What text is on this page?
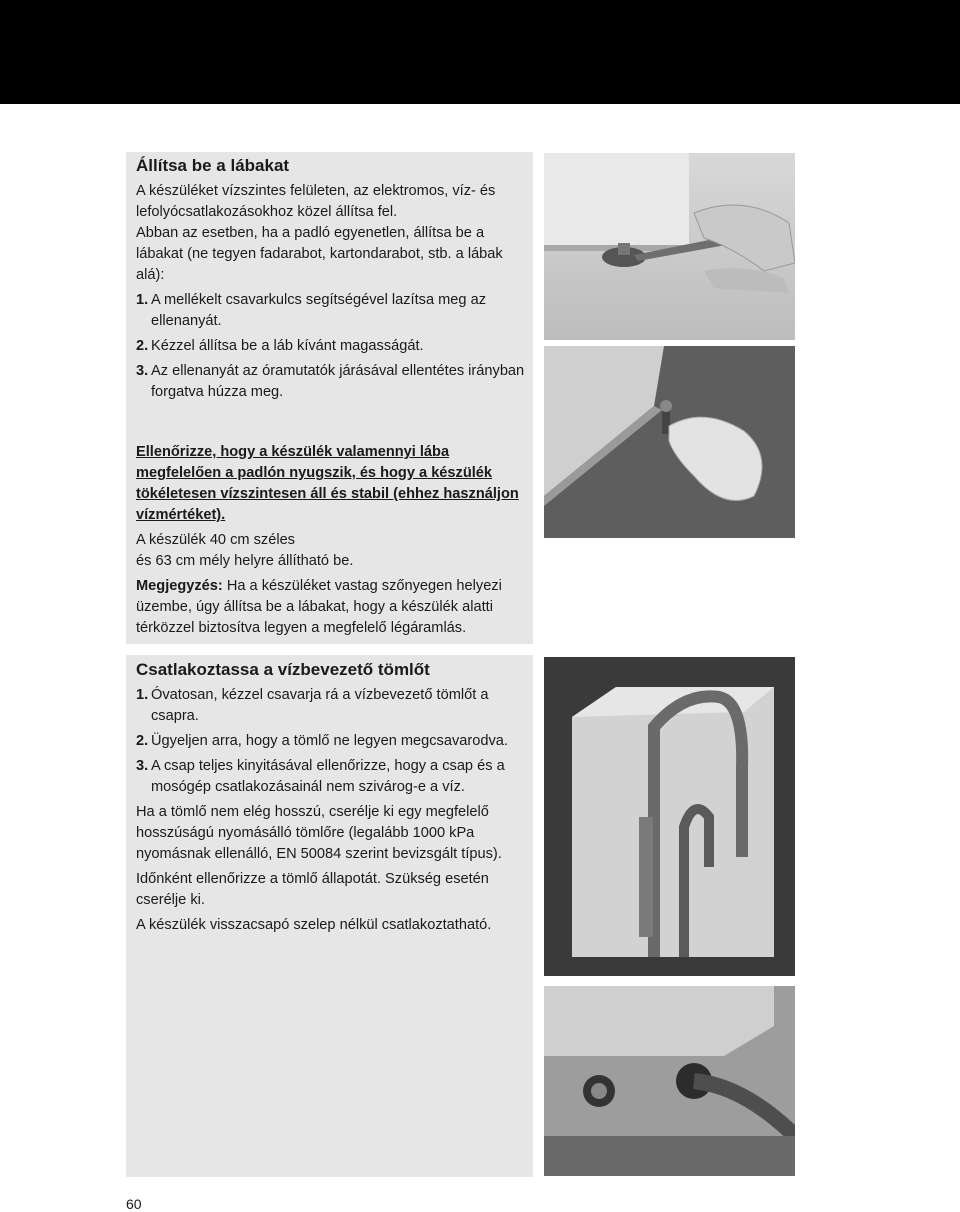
Állítsa be a lábakat

A készüléket vízszintes felületen, az elektromos, víz- és lefolyócsatlakozásokhoz közel állítsa fel.

Abban az esetben, ha a padló egyenetlen, állítsa be a lábakat (ne tegyen fadarabot, kartondarabot, stb. a lábak alá):

1. A mellékelt csavarkulcs segítségével lazítsa meg az ellenanyát.
2. Kézzel állítsa be a láb kívánt magasságát.
3. Az ellenanyát az óramutatók járásával ellentétes irányban forgatva húzza meg.

Ellenőrizze, hogy a készülék valamennyi lába megfelelően a padlón nyugszik, és hogy a készülék tökéletesen vízszintesen áll és stabil (ehhez használjon vízmértéket).

A készülék 40 cm széles

és 63 cm mély helyre állítható be.

Megjegyzés: Ha a készüléket vastag szőnyegen helyezi üzembe, úgy állítsa be a lábakat, hogy a készülék alatti térközzel biztosítva legyen a megfelelő légáramlás.

Csatlakoztassa a vízbevezető tömlőt
1. Óvatosan, kézzel csavarja rá a vízbevezető tömlőt a csapra.
2. Ügyeljen arra, hogy a tömlő ne legyen megcsavarodva.
3. A csap teljes kinyitásával ellenőrizze, hogy a csap és a mosógép csatlakozásainál nem szivárog-e a víz.

Ha a tömlő nem elég hosszú, cserélje ki egy megfelelő hosszúságú nyomásálló tömlőre (legalább 1000 kPa nyomásnak ellenálló, EN 50084 szerint bevizsgált típus).

Időnként ellenőrizze a tömlő állapotát. Szükség esetén cserélje ki.

A készülék visszacsapó szelep nélkül csatlakoztatható.

60
